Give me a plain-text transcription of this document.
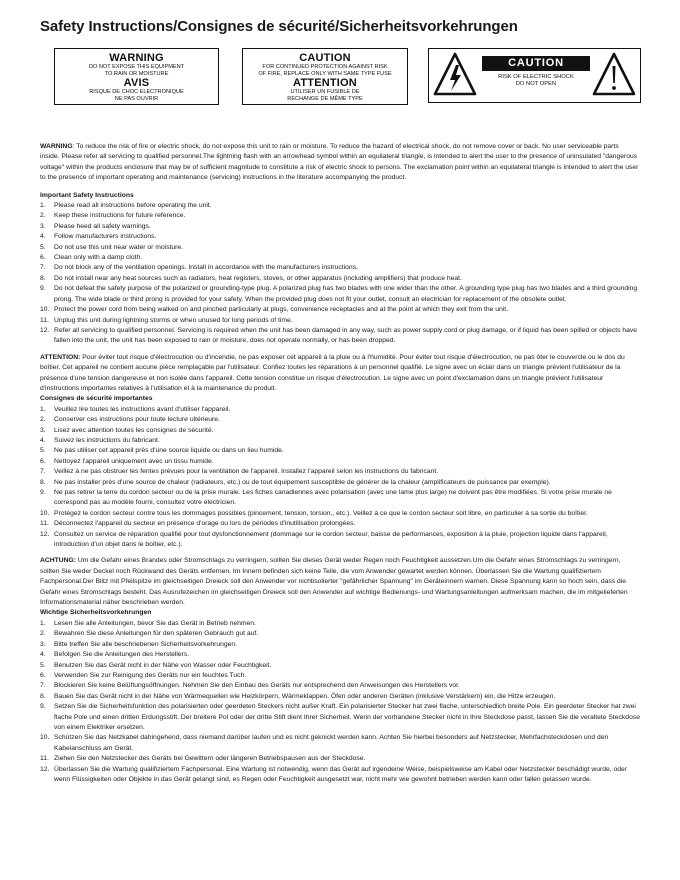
Safety Instructions/Consignes de sécurité/Sicherheitsvorkehrungen
WARNING
DO NOT EXPOSE THIS EQUIPMENT
TO RAIN OR MOISTURE
AVIS
RISQUE DE CHOC ELECTRONIQUE
NE PAS OUVRIR
CAUTION
FOR CONTINUED PROTECTION AGAINST RISK
OF FIRE, REPLACE ONLY WITH SAME TYPE FUSE
ATTENTION
UTILISER UN FUSIBLE DE
RECHANGE DE MÊME TYPE
CAUTION
RISK OF ELECTRIC SHOCK
DO NOT OPEN

WARNING: To reduce the risk of fire or electric shock, do not expose this unit to rain or moisture. To reduce the hazard of electrical shock, do not remove cover or back. No user serviceable parts inside. Please refer all servicing to qualified personnel.The lightning flash with an arrowhead symbol within an equilateral triangle, is intended to alert the user to the presence of uninsulated "dangerous voltage" within the products enclosure that may be of sufficient magnitude to constitute a risk of electric shock to persons. The exclamation point within an equilateral triangle is intended to alert the user to the presence of important operating and maintenance (servicing) instructions in the literature accompanying the product.

Important Safety Instructions

1. Please read all instructions before operating the unit.
2. Keep these instructions for future reference.
3. Please heed all safety warnings.
4. Follow manufacturers instructions.
5. Do not use this unit near water or moisture.
6. Clean only with a damp cloth.
7. Do not block any of the ventilation openings. Install in accordance with the manufacturers instructions.
8. Do not install near any heat sources such as radiators, heat registers, stoves, or other apparatus (including amplifiers) that produce heat.
9. Do not defeat the safety purpose of the polarized or grounding-type plug. A polarized plug has two blades with one wider than the other. A grounding type plug has two blades and a third grounding prong. The wide blade or third prong is provided for your safety. When the provided plug does not fit your outlet, consult an electrician for replacement of the obsolete outlet.
10. Protect the power cord from being walked on and pinched particularly at plugs, convenience receptacles and at the point at which they exit from the unit.
11. Unplug this unit during lightning storms or when unused for long periods of time.
12. Refer all servicing to qualified personnel. Servicing is required when the unit has been damaged in any way, such as power supply cord or plug damage, or if liquid has been spilled or objects have fallen into the unit, the unit has been exposed to rain or moisture, does not operate normally, or has been dropped.

ATTENTION: Pour éviter tout risque d'électrocution ou d'incendie, ne pas exposer cet appareil à la pluie ou à l'humidité. Pour éviter tout risque d'électrocution, ne pas ôter le couvercle ou le dos du boîtier. Cet appareil ne contient aucune pièce remplaçable par l'utilisateur. Confiez toutes les réparations à un personnel qualifié. Le signe avec un éclair dans un triangle prévient l'utilisateur de la présence d'une tension dangereuse et non isolée dans l'appareil. Cette tension constitue un risque d'électrocution. Le signe avec un point d'exclamation dans un triangle prévient l'utilisateur d'instructions importantes relatives à l'utilisation et à la maintenance du produit.

Consignes de sécurité importantes

1. Veuillez lire toutes les instructions avant d'utiliser l'appareil.
2. Conserver ces instructions pour toute lecture ultérieure.
3. Lisez avec attention toutes les consignes de sécurité.
4. Suivez les instructions du fabricant.
5. Ne pas utiliser cet appareil près d'une source liquide ou dans un lieu humide.
6. Nettoyez l'appareil uniquement avec un tissu humide.
7. Veillez à ne pas obstruer les fentes prévues pour la ventilation de l'appareil. Installez l'appareil selon les instructions du fabricant.
8. Ne pas installer près d'une source de chaleur (radiateurs, etc.) ou de tout équipement susceptible de générer de la chaleur (amplificateurs de puissance par exemple).
9. Ne pas retirer la terre du cordon secteur ou de la prise murale. Les fiches canadiennes avec polarisation (avec une lame plus large) ne doivent pas être modifiées. Si votre prise murale ne correspond pas au modèle fourni, consultez votre électricien.
10. Protégez le cordon secteur contre tous les dommages possibles (pincement, tension, torsion,, etc.). Veillez à ce que le cordon secteur soit libre, en particulier à sa sortie du boîtier.
11. Déconnectez l'appareil du secteur en présence d'orage ou lors de périodes d'inutilisation prolongées.
12. Consultez un service de réparation qualifié pour tout dysfonctionnement (dommage sur le cordon secteur, baisse de performances, exposition à la pluie, projection liquide dans l'appareil, introduction d'un objet dans le boîtier, etc.).

ACHTUNG: Um die Gefahr eines Brandes oder Stromschlags zu verringern, sollten Sie dieses Gerät weder Regen noch Feuchtigkeit aussetzen.Um die Gefahr eines Stromschlags zu verringern, sollten Sie weder Deckel noch Rückwand des Geräts entfernen. Im Innern befinden sich keine Teile, die vom Anwender gewartet werden können. Überlassen Sie die Wartung qualifiziertem Fachpersonal.Der Blitz mit Pfeilspitze im gleichseitigen Dreieck soll den Anwender vor nichtisolierter "gefährlicher Spannung" im Geräteinnern warnen. Diese Spannung kann so hoch sein, dass die Gefahr eines Stromschlags besteht. Das Ausrufezeichen im gleichseitigen Dreieck soll den Anwender auf wichtige Bedienungs- und Wartungsanleitungen aufmerksam machen, die im mitgelieferten Informationsmaterial näher beschrieben werden.

Wichtige Sicherheitsvorkehrungen

1. Lesen Sie alle Anleitungen, bevor Sie das Gerät in Betrieb nehmen.
2. Bewahren Sie diese Anleitungen für den späteren Gebrauch gut auf.
3. Bitte treffen Sie alle beschriebenen Sicherheitsvorkehrungen.
4. Befolgen Sie die Anleitungen des Herstellers.
5. Benutzen Sie das Gerät nicht in der Nähe von Wasser oder Feuchtigkeit.
6. Verwenden Sie zur Reinigung des Geräts nur ein feuchtes Tuch.
7. Blockieren Sie keine Belüftungsöffnungen. Nehmen Sie den Einbau des Geräts nur entsprechend den Anweisungen des Herstellers vor.
8. Bauen Sie das Gerät nicht in der Nähe von Wärmequellen wie Heizkörpern, Wärmeklappen, Öfen oder anderen Geräten (inklusive Verstärkern) ein, die Hitze erzeugen.
9. Setzen Sie die Sicherheitsfunktion des polarisierten oder geerdeten Steckers nicht außer Kraft. Ein polarisierter Stecker hat zwei flache, unterschiedlich breite Pole. Ein geerdeter Stecker hat zwei flache Pole und einen dritten Erdungsstift. Der breitere Pol oder der dritte Stift dient Ihrer Sicherheit. Wenn der vorhandene Stecker nicht in Ihre Steckdose passt, lassen Sie die veraltete Steckdose von einem Elektriker ersetzen.
10. Schützen Sie das Netzkabel dahingehend, dass niemand darüber laufen und es nicht geknickt werden kann. Achten Sie hierbei besonders auf Netzstecker, Mehrfachsteckdosen und den Kabelanschluss am Gerät.
11. Ziehen Sie den Netzstecker des Geräts bei Gewittern oder längeren Betriebspausen aus der Steckdose.
12. Überlassen Sie die Wartung qualifiziertem Fachpersonal. Eine Wartung ist notwendig, wenn das Gerät auf irgendeine Weise, beispielsweise am Kabel oder Netzstecker beschädigt wurde, oder wenn Flüssigkeiten oder Objekte in das Gerät gelangt sind, es Regen oder Feuchtigkeit ausgesetzt war, nicht mehr wie gewohnt betrieben werden kann oder fallen gelassen wurde.
